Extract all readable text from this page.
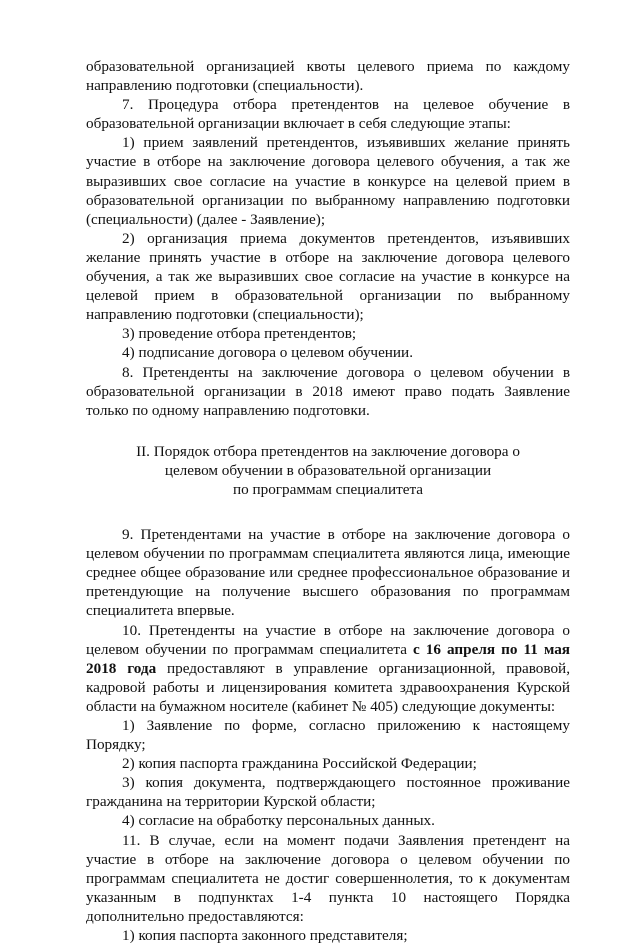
образовательной организацией квоты целевого приема по каждому направлению подготовки (специальности).

7. Процедура отбора претендентов на целевое обучение в образовательной организации включает в себя следующие этапы:

1) прием заявлений претендентов, изъявивших желание принять участие в отборе на заключение договора целевого обучения, а так же выразивших свое согласие на участие в конкурсе на целевой прием в образовательной организации по выбранному направлению подготовки (специальности) (далее - Заявление);

2) организация приема документов претендентов, изъявивших желание принять участие в отборе на заключение договора целевого обучения, а так же выразивших свое согласие на участие в конкурсе на целевой прием в образовательной организации по выбранному направлению подготовки (специальности);

3) проведение отбора претендентов;

4) подписание договора о целевом обучении.

8. Претенденты на заключение договора о целевом обучении в образовательной организации в 2018 имеют право подать Заявление только по одному направлению подготовки.

II. Порядок отбора претендентов на заключение договора о
целевом обучении в образовательной организации
по программам специалитета

9. Претендентами на участие в отборе на заключение договора о целевом обучении по программам специалитета являются лица, имеющие среднее общее образование или среднее профессиональное образование и претендующие на получение высшего образования по программам специалитета впервые.

10. Претенденты на участие в отборе на заключение договора о целевом обучении по программам специалитета с 16 апреля по 11 мая 2018 года предоставляют в управление организационной, правовой, кадровой работы и лицензирования комитета здравоохранения Курской области на бумажном носителе (кабинет № 405) следующие документы:

1) Заявление по форме, согласно приложению к настоящему Порядку;

2) копия паспорта гражданина Российской Федерации;

3) копия документа, подтверждающего постоянное проживание гражданина на территории Курской области;

4) согласие на обработку персональных данных.

11. В случае, если на момент подачи Заявления претендент на участие в отборе на заключение договора о целевом обучении по программам специалитета не достиг совершеннолетия, то к документам указанным в подпунктах 1-4 пункта 10 настоящего Порядка дополнительно предоставляются:

1) копия паспорта законного представителя;
